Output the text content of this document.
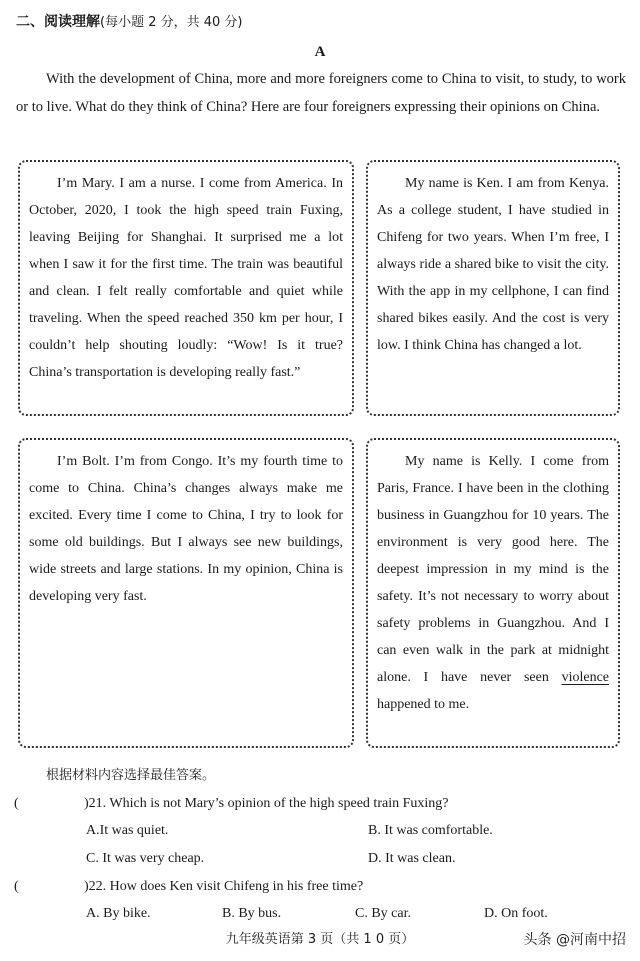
二、阅读理解(每小题 2 分，共 40 分)
A
With the development of China, more and more foreigners come to China to visit, to study, to work or to live. What do they think of China? Here are four foreigners expressing their opinions on China.

I’m Mary. I am a nurse. I come from America. In October, 2020, I took the high speed train Fuxing, leaving Beijing for Shanghai. It surprised me a lot when I saw it for the first time. The train was beautiful and clean. I felt really comfortable and quiet while traveling. When the speed reached 350 km per hour, I couldn’t help shouting loudly: “Wow! Is it true? China’s transportation is developing really fast.”

My name is Ken. I am from Kenya. As a college student, I have studied in Chifeng for two years. When I’m free, I always ride a shared bike to visit the city. With the app in my cellphone, I can find shared bikes easily. And the cost is very low. I think China has changed a lot.

I’m Bolt. I’m from Congo. It’s my fourth time to come to China. China’s changes always make me excited. Every time I come to China, I try to look for some old buildings. But I always see new buildings, wide streets and large stations. In my opinion, China is developing very fast.

My name is Kelly. I come from Paris, France. I have been in the clothing business in Guangzhou for 10 years. The environment is very good here. The deepest impression in my mind is the safety. It’s not necessary to worry about safety problems in Guangzhou. And I can even walk in the park at midnight alone. I have never seen violence happened to me.

根据材料内容选择最佳答案。
(	)21. Which is not Mary’s opinion of the high speed train Fuxing?
A.It was quiet.	B. It was comfortable.
C. It was very cheap.	D. It was clean.
(	)22. How does Ken visit Chifeng in his free time?
A. By bike.	B. By bus.	C. By car.	D. On foot.
九年级英语第 3 页（共 1 0 页）	头条 @河南中招
